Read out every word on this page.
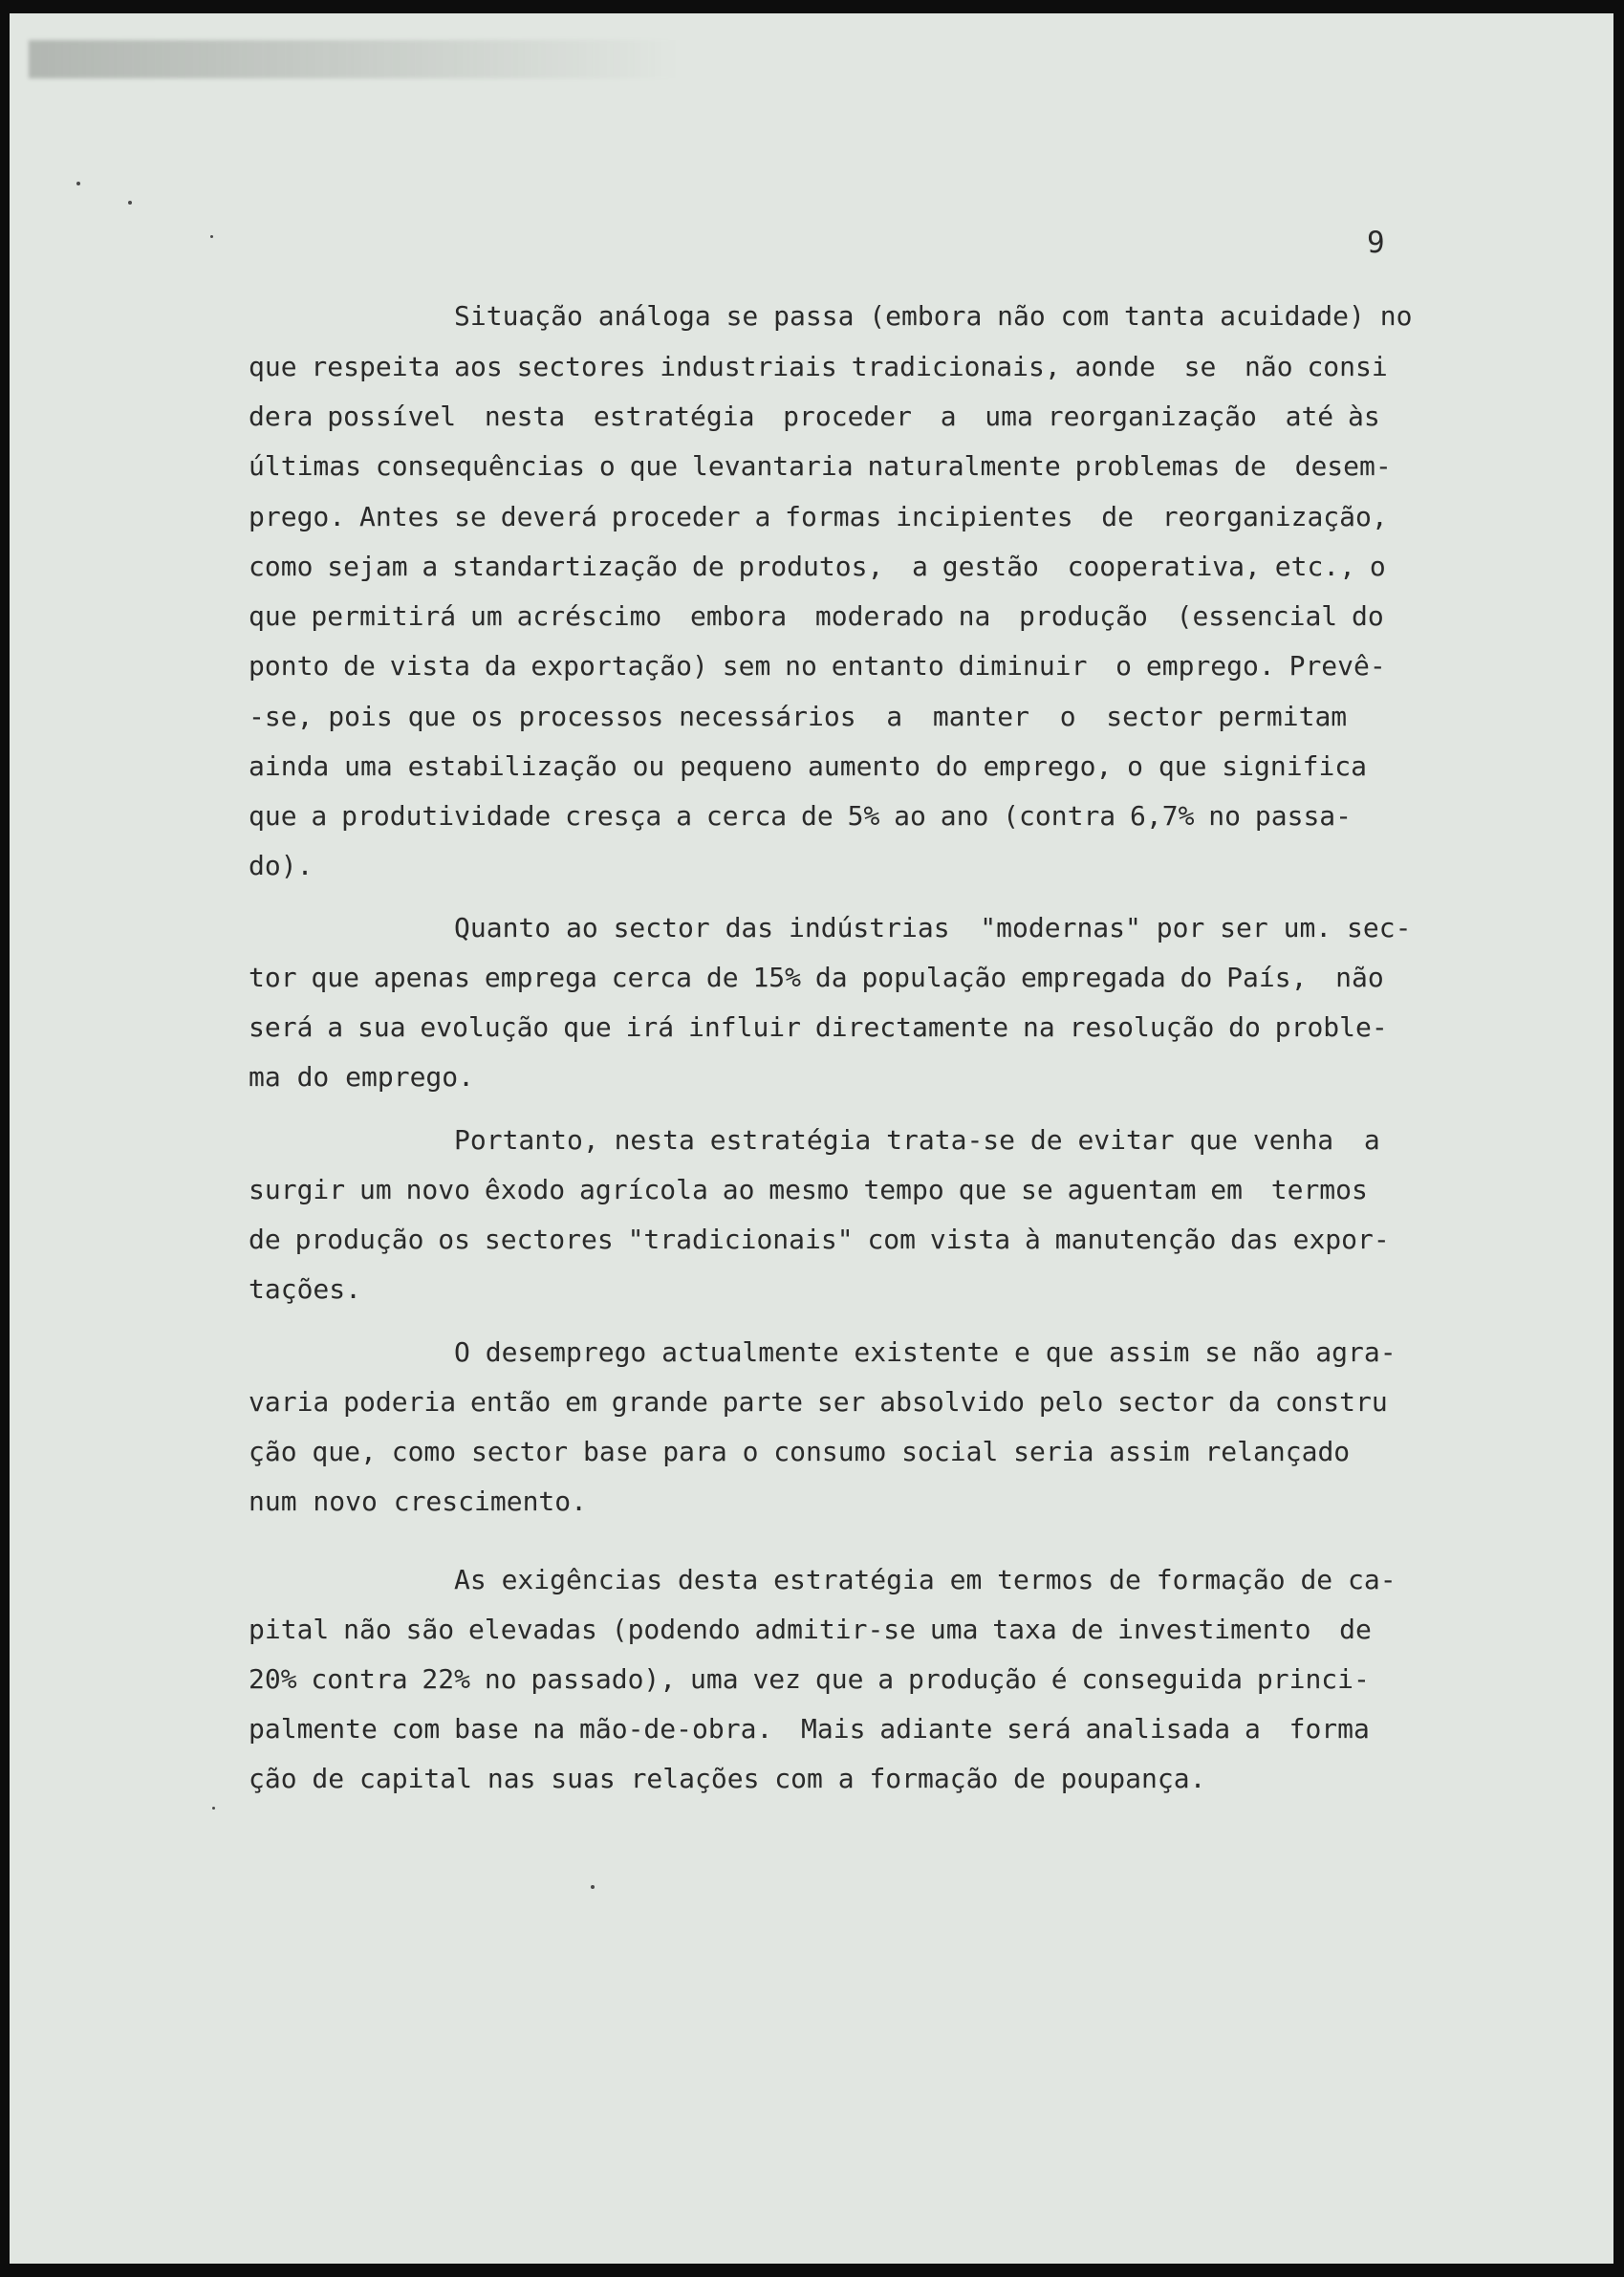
9
Situação análoga se passa (embora não com tanta acuidade) no
que respeita aos sectores industriais tradicionais, aonde  se  não consi
dera possível  nesta  estratégia  proceder  a  uma reorganização  até às
últimas consequências o que levantaria naturalmente problemas de  desem-
prego. Antes se deverá proceder a formas incipientes  de  reorganização,
como sejam a standartização de produtos,  a gestão  cooperativa, etc., o
que permitirá um acréscimo  embora  moderado na  produção  (essencial do
ponto de vista da exportação) sem no entanto diminuir  o emprego. Prevê-
-se, pois que os processos necessários  a  manter  o  sector permitam
ainda uma estabilização ou pequeno aumento do emprego, o que significa
que a produtividade cresça a cerca de 5% ao ano (contra 6,7% no passa-
do).
Quanto ao sector das indústrias  "modernas" por ser um. sec-
tor que apenas emprega cerca de 15% da população empregada do País,  não
será a sua evolução que irá influir directamente na resolução do proble-
ma do emprego.
Portanto, nesta estratégia trata-se de evitar que venha  a
surgir um novo êxodo agrícola ao mesmo tempo que se aguentam em  termos
de produção os sectores "tradicionais" com vista à manutenção das expor-
tações.
O desemprego actualmente existente e que assim se não agra-
varia poderia então em grande parte ser absolvido pelo sector da constru
ção que, como sector base para o consumo social seria assim relançado
num novo crescimento.
As exigências desta estratégia em termos de formação de ca-
pital não são elevadas (podendo admitir-se uma taxa de investimento  de
20% contra 22% no passado), uma vez que a produção é conseguida princi-
palmente com base na mão-de-obra.  Mais adiante será analisada a  forma
ção de capital nas suas relações com a formação de poupança.
